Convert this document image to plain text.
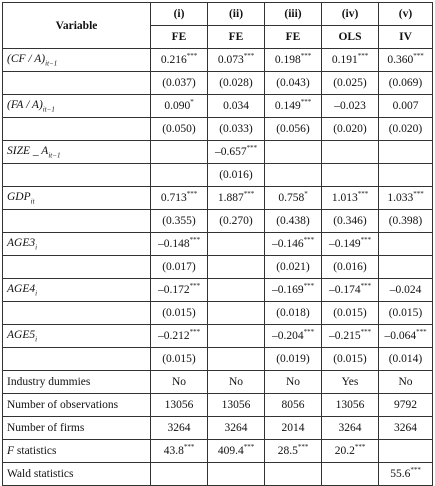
Variable	(i)	(ii)	(iii)	(iv)	(v)
	FE	FE	FE	OLS	IV
$(CF / A)_{it-1}$	0.216***	0.073***	0.198***	0.191***	0.360***
	(0.037)	(0.028)	(0.043)	(0.025)	(0.069)
$(FA / A)_{it-1}$	0.090*	0.034	0.149***	–0.023	0.007
	(0.050)	(0.033)	(0.056)	(0.020)	(0.020)
SIZE _ $A_{it-1}$		–0.657***			
		(0.016)			
$GDP_{it}$	0.713***	1.887***	0.758*	1.013***	1.033***
	(0.355)	(0.270)	(0.438)	(0.346)	(0.398)
$AGE3_i$	–0.148***		–0.146***	–0.149***	
	(0.017)		(0.021)	(0.016)	
$AGE4_i$	–0.172***		–0.169***	–0.174***	–0.024
	(0.015)		(0.018)	(0.015)	(0.015)
$AGE5_i$	–0.212***		–0.204***	–0.215***	–0.064***
	(0.015)		(0.019)	(0.015)	(0.014)
Industry dummies	No	No	No	Yes	No
Number of observations	13056	13056	8056	13056	9792
Number of firms	3264	3264	2014	3264	3264
F statistics	43.8***	409.4***	28.5***	20.2***	
Wald statistics					55.6***
